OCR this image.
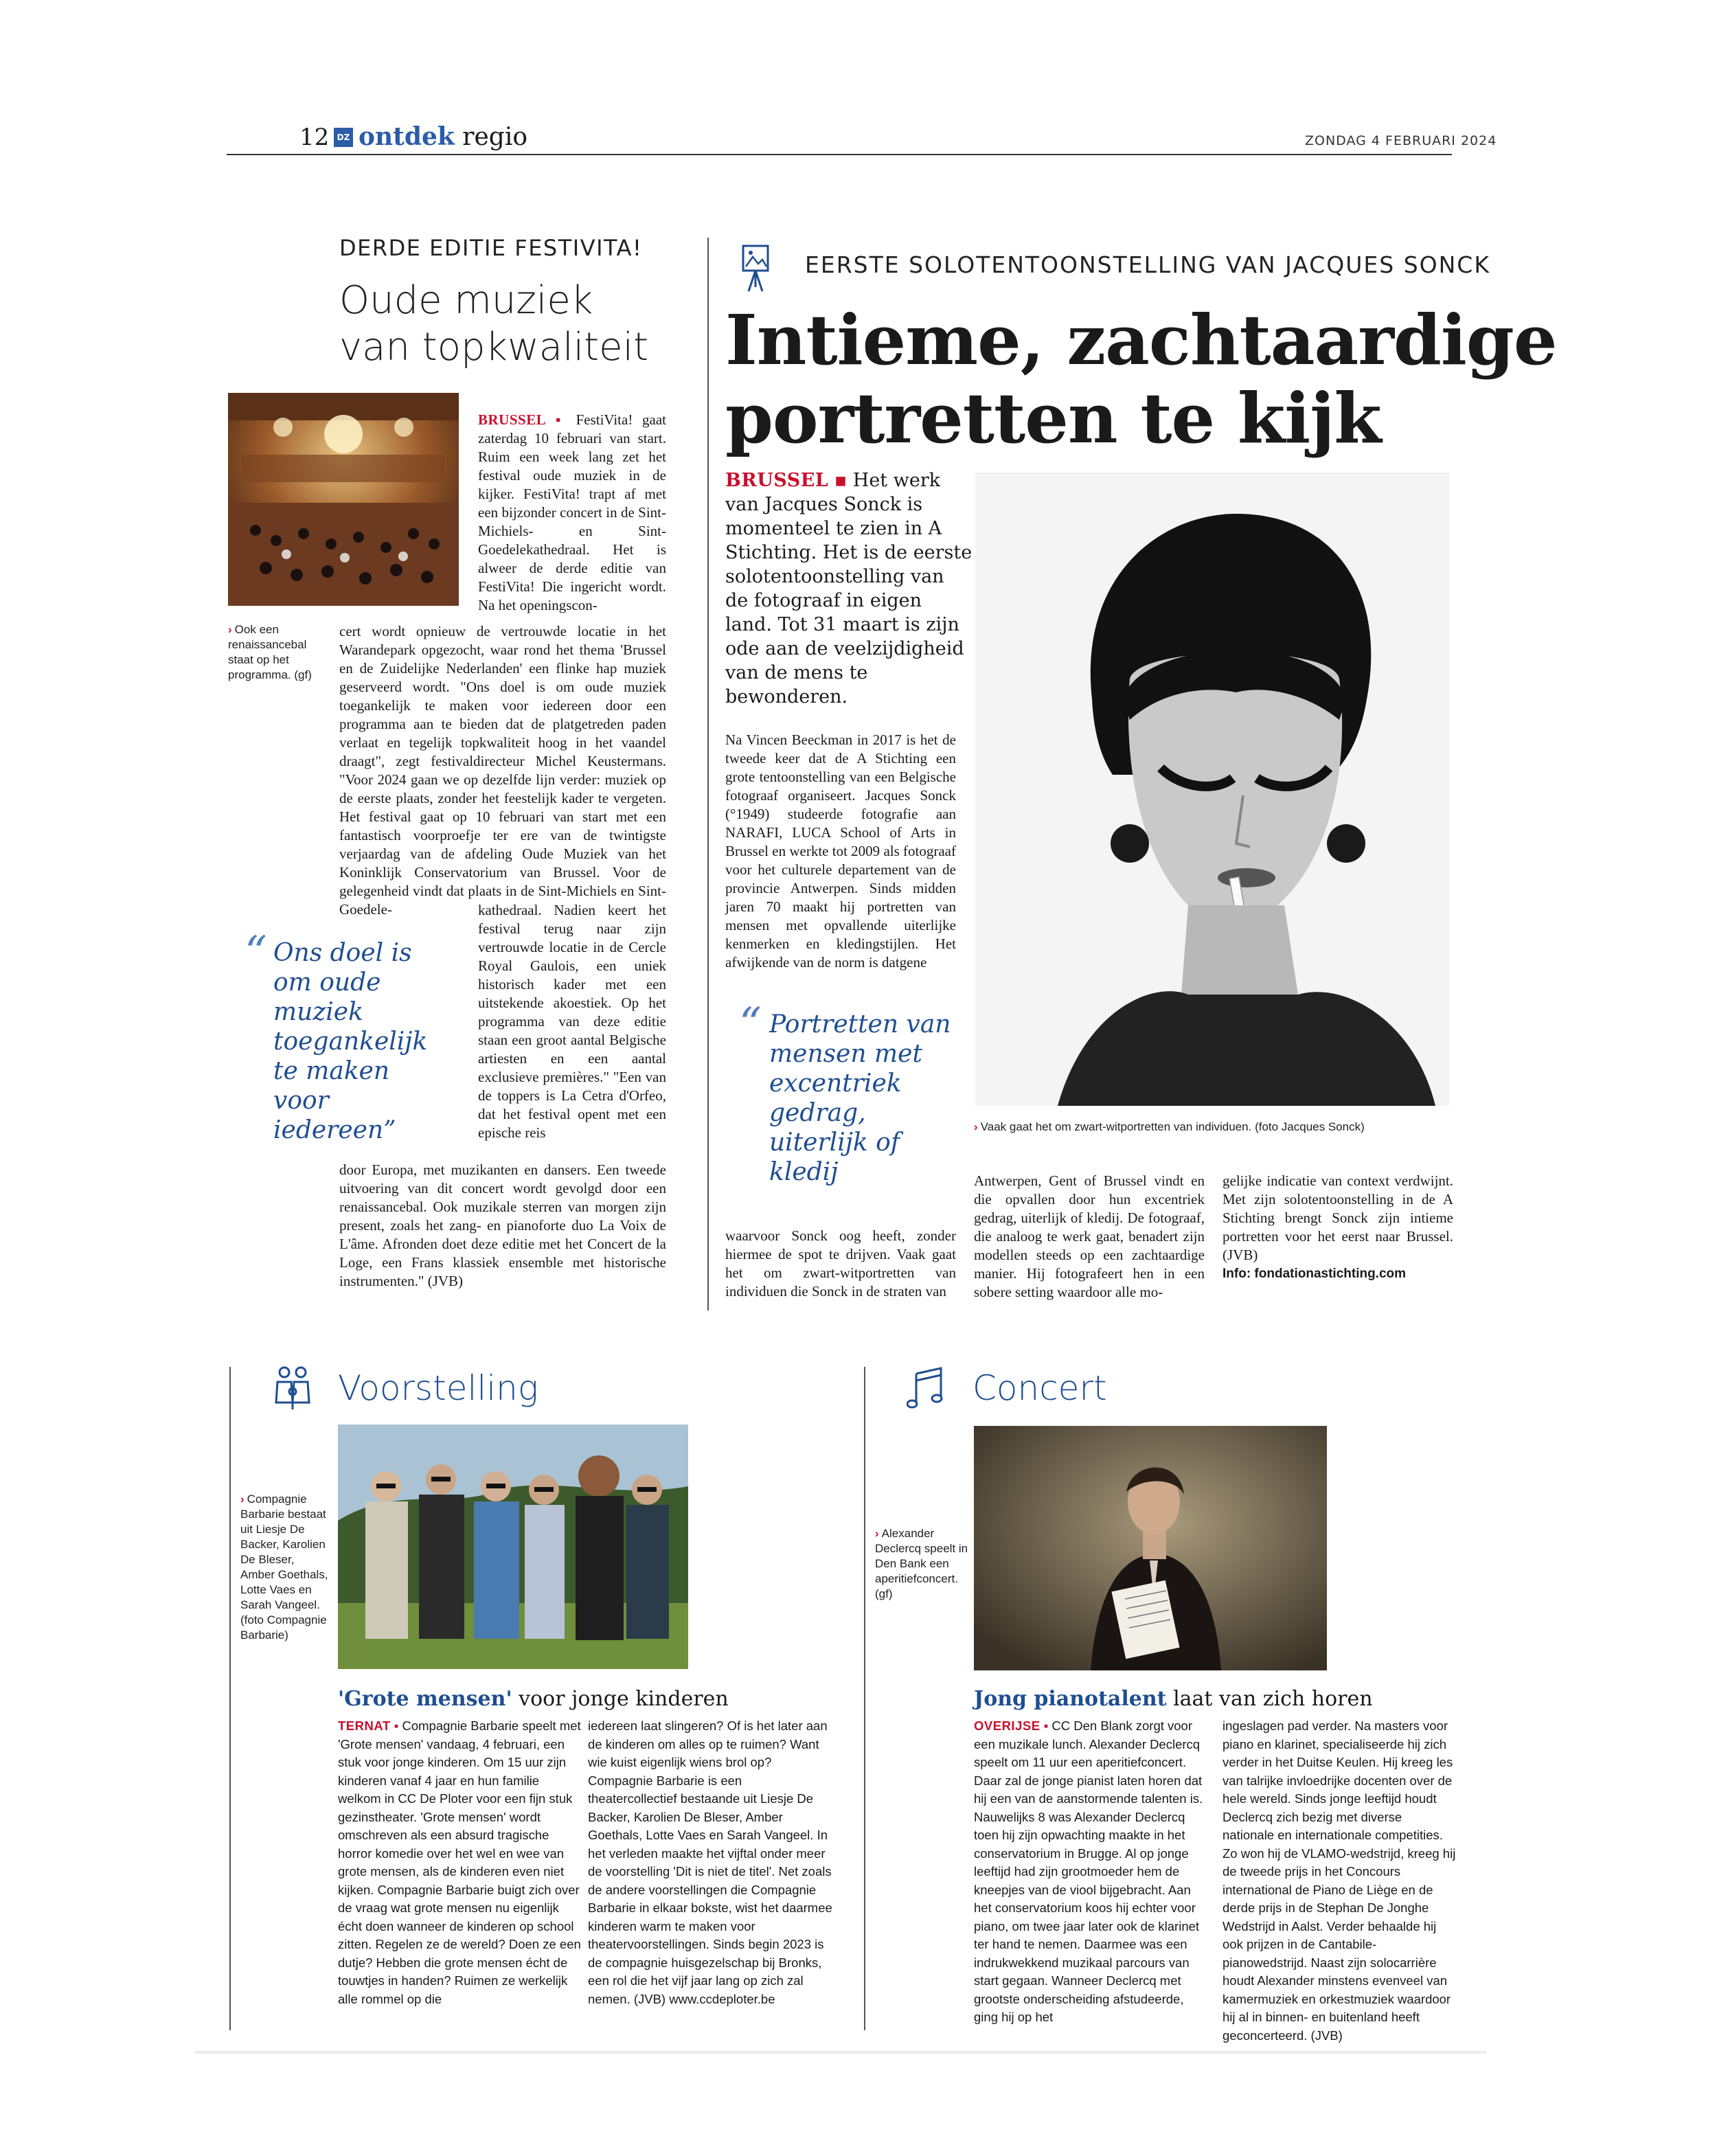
12 DZ ontdek regio	ZONDAG 4 FEBRUARI 2024
DERDE EDITIE FESTIVITA!
Oude muziek
van topkwaliteit
› Ook een renaissancebal staat op het programma. (gf)

BRUSSEL ▪ FestiVita! gaat zaterdag 10 februari van start. Ruim een week lang zet het festival oude muziek in de kijker. FestiVita! trapt af met een bijzonder concert in de Sint-Michiels- en Sint-Goedelekathedraal. Het is alweer de derde editie van FestiVita! Die ingericht wordt. Na het openingscon-

cert wordt opnieuw de vertrouwde locatie in het Warandepark opgezocht, waar rond het thema 'Brussel en de Zuidelijke Nederlanden' een flinke hap muziek geserveerd wordt. "Ons doel is om oude muziek toegankelijk te maken voor iedereen door een programma aan te bieden dat de platgetreden paden verlaat en tegelijk topkwaliteit hoog in het vaandel draagt", zegt festivaldirecteur Michel Keustermans. "Voor 2024 gaan we op dezelfde lijn verder: muziek op de eerste plaats, zonder het feestelijk kader te vergeten. Het festival gaat op 10 februari van start met een fantastisch voorproefje ter ere van de twintigste verjaardag van de afdeling Oude Muziek van het Koninklijk Conservatorium van Brussel. Voor de gelegenheid vindt dat plaats in de Sint-Michiels en Sint-Goedele-

“ Ons doel is om oude muziek toegankelijk te maken voor iedereen”

kathedraal. Nadien keert het festival terug naar zijn vertrouwde locatie in de Cercle Royal Gaulois, een uniek historisch kader met een uitstekende akoestiek. Op het programma van deze editie staan een groot aantal Belgische artiesten en een aantal exclusieve premières." "Een van de toppers is La Cetra d'Orfeo, dat het festival opent met een epische reis

door Europa, met muzikanten en dansers. Een tweede uitvoering van dit concert wordt gevolgd door een renaissancebal. Ook muzikale sterren van morgen zijn present, zoals het zang- en pianoforte duo La Voix de L'âme. Afronden doet deze editie met het Concert de la Loge, een Frans klassiek ensemble met historische instrumenten." (JVB)

EERSTE SOLOTENTOONSTELLING VAN JACQUES SONCK
Intieme, zachtaardige
portretten te kijk
BRUSSEL ▪ Het werk van Jacques Sonck is momenteel te zien in A Stichting. Het is de eerste solotentoonstelling van de fotograaf in eigen land. Tot 31 maart is zijn ode aan de veelzijdigheid van de mens te bewonderen.
› Vaak gaat het om zwart-witportretten van individuen. (foto Jacques Sonck)

Na Vincen Beeckman in 2017 is het de tweede keer dat de A Stichting een grote tentoonstelling van een Belgische fotograaf organiseert. Jacques Sonck (°1949) studeerde fotografie aan NARAFI, LUCA School of Arts in Brussel en werkte tot 2009 als fotograaf voor het culturele departement van de provincie Antwerpen. Sinds midden jaren 70 maakt hij portretten van mensen met opvallende uiterlijke kenmerken en kledingstijlen. Het afwijkende van de norm is datgene

“ Portretten van mensen met excentriek gedrag, uiterlijk of kledij

waarvoor Sonck oog heeft, zonder hiermee de spot te drijven. Vaak gaat het om zwart-witportretten van individuen die Sonck in de straten van

Antwerpen, Gent of Brussel vindt en die opvallen door hun excentriek gedrag, uiterlijk of kledij. De fotograaf, die analoog te werk gaat, benadert zijn modellen steeds op een zachtaardige manier. Hij fotografeert hen in een sobere setting waardoor alle mo-

gelijke indicatie van context verdwijnt. Met zijn solotentoonstelling in de A Stichting brengt Sonck zijn intieme portretten voor het eerst naar Brussel. (JVB)

Info: fondationastichting.com

Voorstelling
› Compagnie Barbarie bestaat uit Liesje De Backer, Karolien De Bleser, Amber Goethals, Lotte Vaes en Sarah Vangeel. (foto Compagnie Barbarie)
'Grote mensen' voor jonge kinderen

TERNAT ▪ Compagnie Barbarie speelt met 'Grote mensen' vandaag, 4 februari, een stuk voor jonge kinderen. Om 15 uur zijn kinderen vanaf 4 jaar en hun familie welkom in CC De Ploter voor een fijn stuk gezinstheater. 'Grote mensen' wordt omschreven als een absurd tragische horror komedie over het wel en wee van grote mensen, als de kinderen even niet kijken. Compagnie Barbarie buigt zich over de vraag wat grote mensen nu eigenlijk écht doen wanneer de kinderen op school zitten. Regelen ze de wereld? Doen ze een dutje? Hebben die grote mensen écht de touwtjes in handen? Ruimen ze werkelijk alle rommel op die

iedereen laat slingeren? Of is het later aan de kinderen om alles op te ruimen? Want wie kuist eigenlijk wiens brol op? Compagnie Barbarie is een theatercollectief bestaande uit Liesje De Backer, Karolien De Bleser, Amber Goethals, Lotte Vaes en Sarah Vangeel. In het verleden maakte het vijftal onder meer de voorstelling 'Dit is niet de titel'. Net zoals de andere voorstellingen die Compagnie Barbarie in elkaar bokste, wist het daarmee kinderen warm te maken voor theatervoorstellingen. Sinds begin 2023 is de compagnie huisgezelschap bij Bronks, een rol die het vijf jaar lang op zich zal nemen. (JVB) www.ccdeploter.be

Concert
› Alexander Declercq speelt in Den Bank een aperitiefconcert. (gf)
Jong pianotalent laat van zich horen

OVERIJSE ▪ CC Den Blank zorgt voor een muzikale lunch. Alexander Declercq speelt om 11 uur een aperitiefconcert. Daar zal de jonge pianist laten horen dat hij een van de aanstormende talenten is. Nauwelijks 8 was Alexander Declercq toen hij zijn opwachting maakte in het conservatorium in Brugge. Al op jonge leeftijd had zijn grootmoeder hem de kneepjes van de viool bijgebracht. Aan het conservatorium koos hij echter voor piano, om twee jaar later ook de klarinet ter hand te nemen. Daarmee was een indrukwekkend muzikaal parcours van start gegaan. Wanneer Declercq met grootste onderscheiding afstudeerde, ging hij op het

ingeslagen pad verder. Na masters voor piano en klarinet, specialiseerde hij zich verder in het Duitse Keulen. Hij kreeg les van talrijke invloedrijke docenten over de hele wereld. Sinds jonge leeftijd houdt Declercq zich bezig met diverse nationale en internationale competities. Zo won hij de VLAMO-wedstrijd, kreeg hij de tweede prijs in het Concours international de Piano de Liège en de derde prijs in de Stephan De Jonghe Wedstrijd in Aalst. Verder behaalde hij ook prijzen in de Cantabile-pianowedstrijd. Naast zijn solocarrière houdt Alexander minstens evenveel van kamermuziek en orkestmuziek waardoor hij al in binnen- en buitenland heeft geconcerteerd. (JVB)
